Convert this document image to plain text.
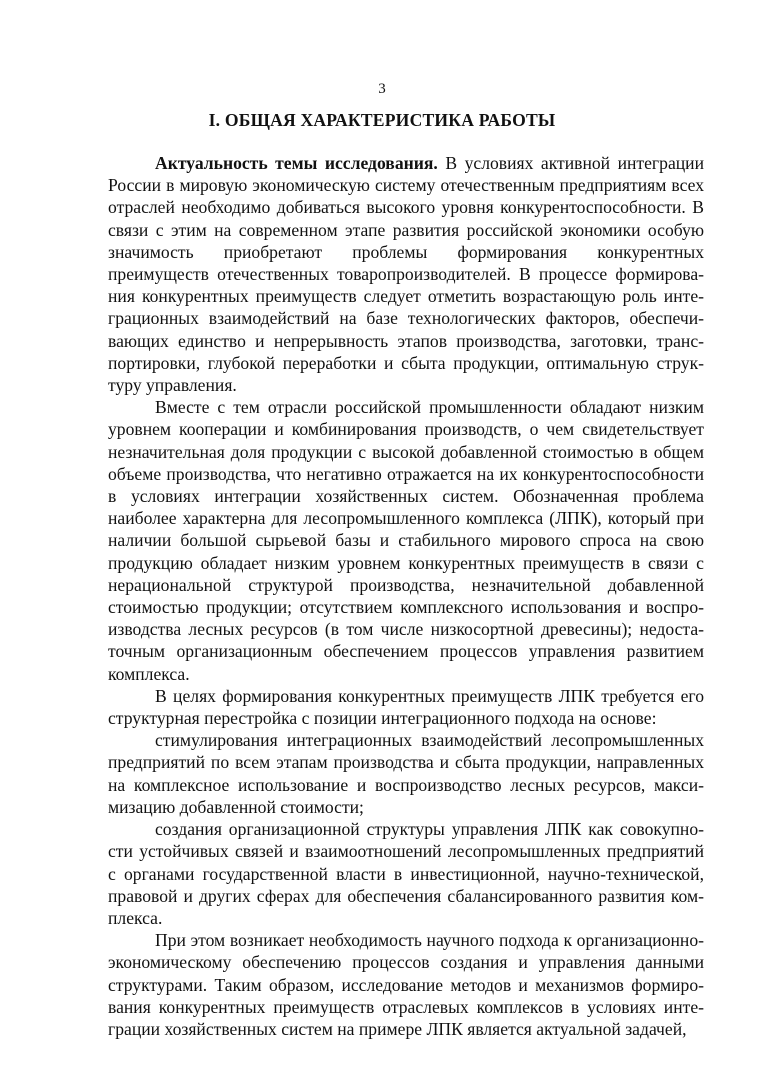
3
I. ОБЩАЯ ХАРАКТЕРИСТИКА РАБОТЫ

Актуальность темы исследования. В условиях активной интеграции России в мировую экономическую систему отечественным предприятиям всех отраслей необходимо добиваться высокого уровня конкурентоспособности. В связи с этим на современном этапе развития российской экономики особую значимость приобретают проблемы формирования конкурентных преимуществ отечественных товаропроизводителей. В процессе формирования конкурентных преимуществ следует отметить возрастающую роль интеграционных взаимодействий на базе технологических факторов, обеспечивающих единство и непрерывность этапов производства, заготовки, транспортировки, глубокой переработки и сбыта продукции, оптимальную структуру управления.

Вместе с тем отрасли российской промышленности обладают низким уровнем кооперации и комбинирования производств, о чем свидетельствует незначительная доля продукции с высокой добавленной стоимостью в общем объеме производства, что негативно отражается на их конкурентоспособности в условиях интеграции хозяйственных систем. Обозначенная проблема наиболее характерна для лесопромышленного комплекса (ЛПК), который при наличии большой сырьевой базы и стабильного мирового спроса на свою продукцию обладает низким уровнем конкурентных преимуществ в связи с нерациональной структурой производства, незначительной добавленной стоимостью продукции; отсутствием комплексного использования и воспроизводства лесных ресурсов (в том числе низкосортной древесины); недостаточным организационным обеспечением процессов управления развитием комплекса.

В целях формирования конкурентных преимуществ ЛПК требуется его структурная перестройка с позиции интеграционного подхода на основе:

стимулирования интеграционных взаимодействий лесопромышленных предприятий по всем этапам производства и сбыта продукции, направленных на комплексное использование и воспроизводство лесных ресурсов, максимизацию добавленной стоимости;

создания организационной структуры управления ЛПК как совокупности устойчивых связей и взаимоотношений лесопромышленных предприятий с органами государственной власти в инвестиционной, научно-технической, правовой и других сферах для обеспечения сбалансированного развития комплекса.

При этом возникает необходимость научного подхода к организационно-экономическому обеспечению процессов создания и управления данными структурами. Таким образом, исследование методов и механизмов формирования конкурентных преимуществ отраслевых комплексов в условиях интеграции хозяйственных систем на примере ЛПК является актуальной задачей,
